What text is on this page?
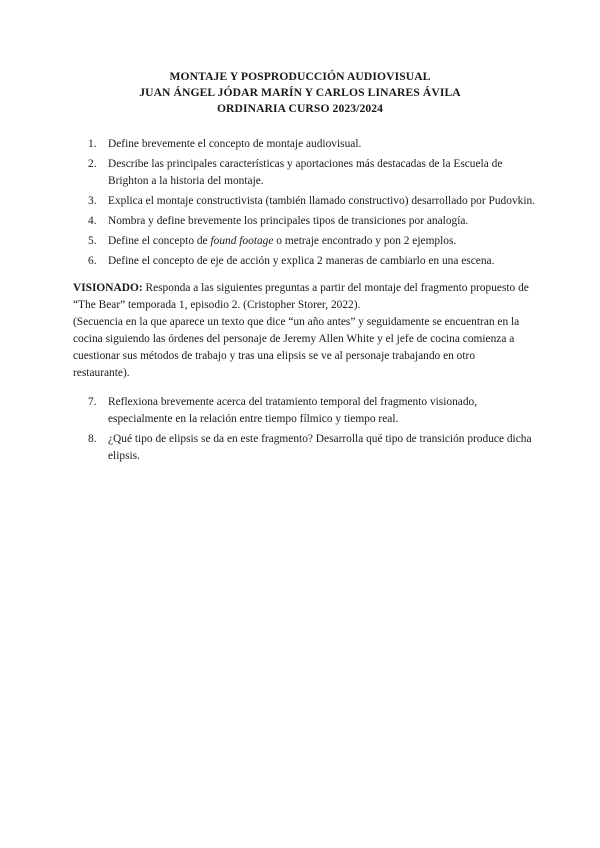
MONTAJE Y POSPRODUCCIÓN AUDIOVISUAL
JUAN ÁNGEL JÓDAR MARÍN Y CARLOS LINARES ÁVILA
ORDINARIA CURSO 2023/2024
1. Define brevemente el concepto de montaje audiovisual.
2. Describe las principales características y aportaciones más destacadas de la Escuela de Brighton a la historia del montaje.
3. Explica el montaje constructivista (también llamado constructivo) desarrollado por Pudovkin.
4. Nombra y define brevemente los principales tipos de transiciones por analogía.
5. Define el concepto de found footage o metraje encontrado y pon 2 ejemplos.
6. Define el concepto de eje de acción y explica 2 maneras de cambiarlo en una escena.

VISIONADO: Responda a las siguientes preguntas a partir del montaje del fragmento propuesto de “The Bear” temporada 1, episodio 2. (Cristopher Storer, 2022).

(Secuencia en la que aparece un texto que dice “un año antes” y seguidamente se encuentran en la cocina siguiendo las órdenes del personaje de Jeremy Allen White y el jefe de cocina comienza a cuestionar sus métodos de trabajo y tras una elipsis se ve al personaje trabajando en otro restaurante).

7. Reflexiona brevemente acerca del tratamiento temporal del fragmento visionado, especialmente en la relación entre tiempo fílmico y tiempo real.
8. ¿Qué tipo de elipsis se da en este fragmento? Desarrolla qué tipo de transición produce dicha elipsis.
